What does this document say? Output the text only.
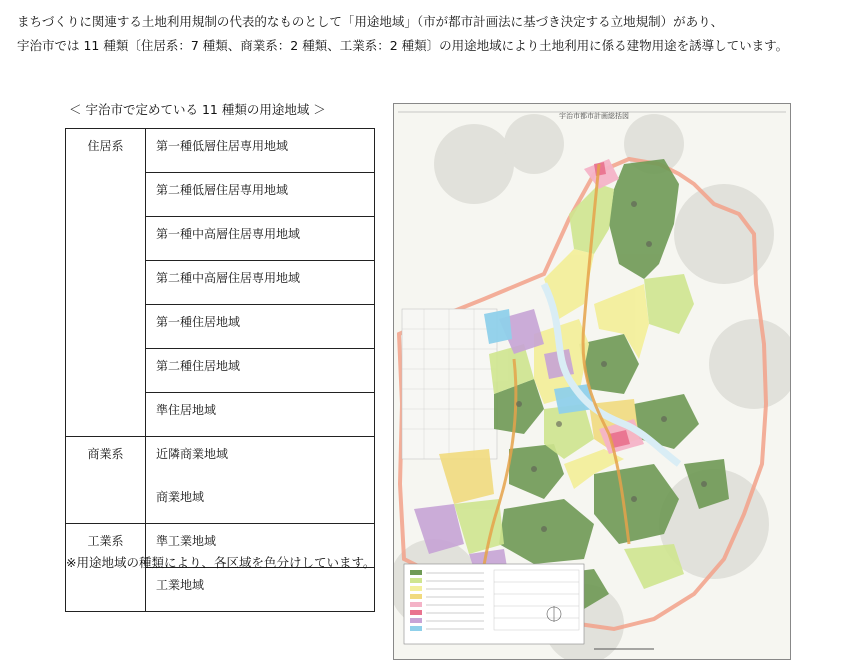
まちづくりに関連する土地利用規制の代表的なものとして「用途地域」（市が都市計画法に基づき決定する立地規制）があり、
宇治市では 11 種類〔住居系：7 種類、商業系：2 種類、工業系：2 種類〕の用途地域により土地利用に係る建物用途を誘導しています。
＜ 宇治市で定めている 11 種類の用途地域 ＞
住居系	第一種低層住居専用地域
	第二種低層住居専用地域
	第一種中高層住居専用地域
	第二種中高層住居専用地域
	第一種住居地域
	第二種住居地域
	準住居地域
商業系	近隣商業地域
	商業地域
工業系	準工業地域
	工業地域
※用途地域の種類により、各区域を色分けしています。
宇治市都市計画総括図
